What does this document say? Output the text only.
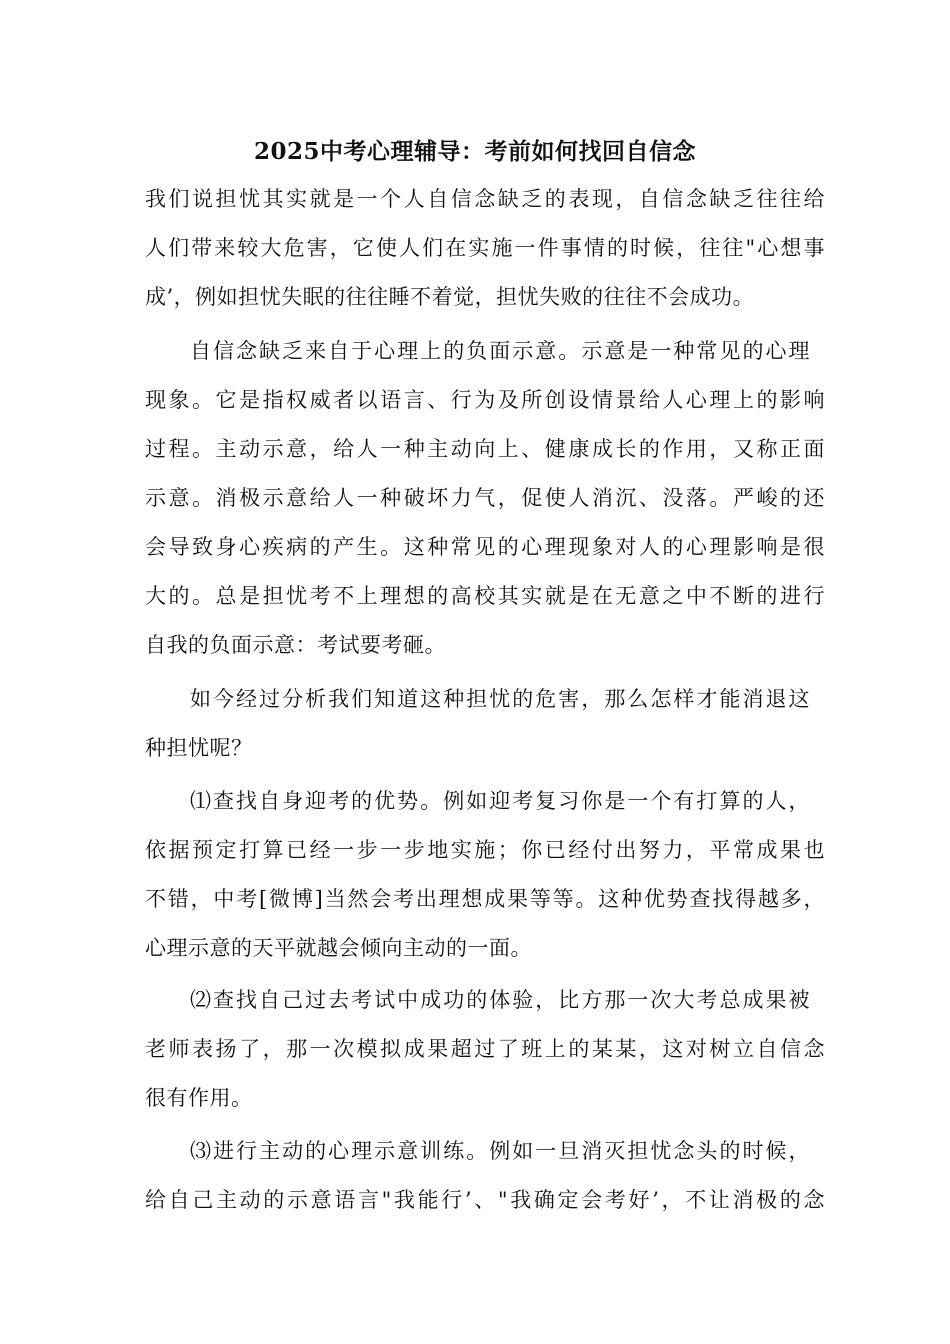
2025中考心理辅导：考前如何找回自信念
我们说担忧其实就是一个人自信念缺乏的表现，自信念缺乏往往给
人们带来较大危害，它使人们在实施一件事情的时候，往往"心想事
成’，例如担忧失眠的往往睡不着觉，担忧失败的往往不会成功。
自信念缺乏来自于心理上的负面示意。示意是一种常见的心理
现象。它是指权威者以语言、行为及所创设情景给人心理上的影响
过程。主动示意，给人一种主动向上、健康成长的作用，又称正面
示意。消极示意给人一种破坏力气，促使人消沉、没落。严峻的还
会导致身心疾病的产生。这种常见的心理现象对人的心理影响是很
大的。总是担忧考不上理想的高校其实就是在无意之中不断的进行
自我的负面示意：考试要考砸。
如今经过分析我们知道这种担忧的危害，那么怎样才能消退这
种担忧呢？
⑴查找自身迎考的优势。例如迎考复习你是一个有打算的人，
依据预定打算已经一步一步地实施；你已经付出努力，平常成果也
不错，中考[微博]当然会考出理想成果等等。这种优势查找得越多，
心理示意的天平就越会倾向主动的一面。
⑵查找自己过去考试中成功的体验，比方那一次大考总成果被
老师表扬了，那一次模拟成果超过了班上的某某，这对树立自信念
很有作用。
⑶进行主动的心理示意训练。例如一旦消灭担忧念头的时候，
给自己主动的示意语言"我能行’、"我确定会考好’，不让消极的念
